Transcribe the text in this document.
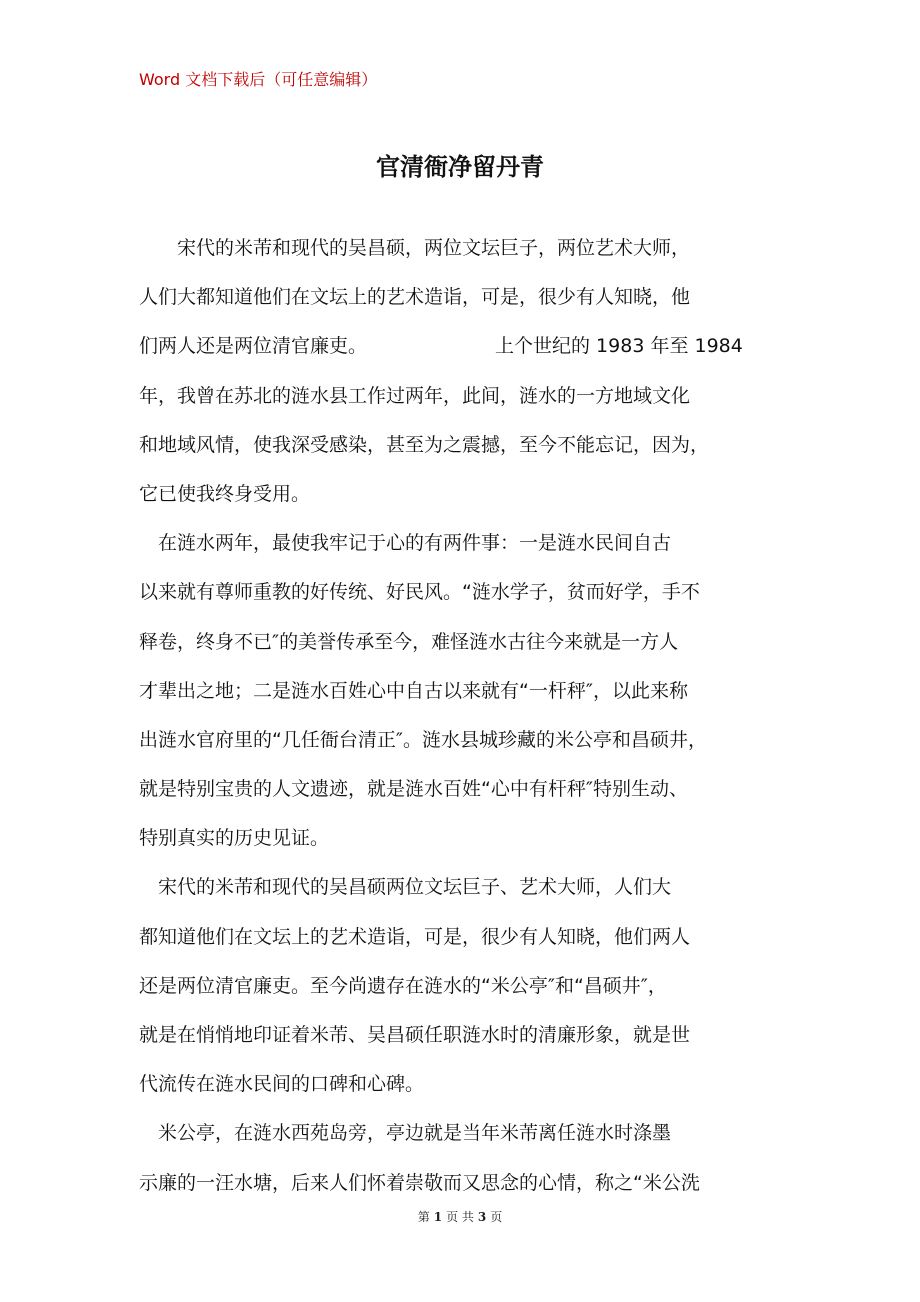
Word 文档下载后（可任意编辑）
官清衙净留丹青
　　宋代的米芾和现代的吴昌硕，两位文坛巨子，两位艺术大师，
人们大都知道他们在文坛上的艺术造诣，可是，很少有人知晓，他
们两人还是两位清官廉吏。	上个世纪的 1983 年至 1984
年，我曾在苏北的涟水县工作过两年，此间，涟水的一方地域文化
和地域风情，使我深受感染，甚至为之震撼，至今不能忘记，因为，
它已使我终身受用。
　在涟水两年，最使我牢记于心的有两件事：一是涟水民间自古
以来就有尊师重教的好传统、好民风。“涟水学子，贫而好学，手不
释卷，终身不已″的美誉传承至今，难怪涟水古往今来就是一方人
才辈出之地；二是涟水百姓心中自古以来就有“一杆秤″，以此来称
出涟水官府里的“几任衙台清正″。涟水县城珍藏的米公亭和昌硕井，
就是特别宝贵的人文遗迹，就是涟水百姓“心中有杆秤″特别生动、
特别真实的历史见证。
　宋代的米芾和现代的吴昌硕两位文坛巨子、艺术大师，人们大
都知道他们在文坛上的艺术造诣，可是，很少有人知晓，他们两人
还是两位清官廉吏。至今尚遗存在涟水的“米公亭″和“昌硕井″，
就是在悄悄地印证着米芾、吴昌硕任职涟水时的清廉形象，就是世
代流传在涟水民间的口碑和心碑。
　米公亭，在涟水西苑岛旁，亭边就是当年米芾离任涟水时涤墨
示廉的一汪水塘，后来人们怀着崇敬而又思念的心情，称之“米公洗
第 1 页 共 3 页
